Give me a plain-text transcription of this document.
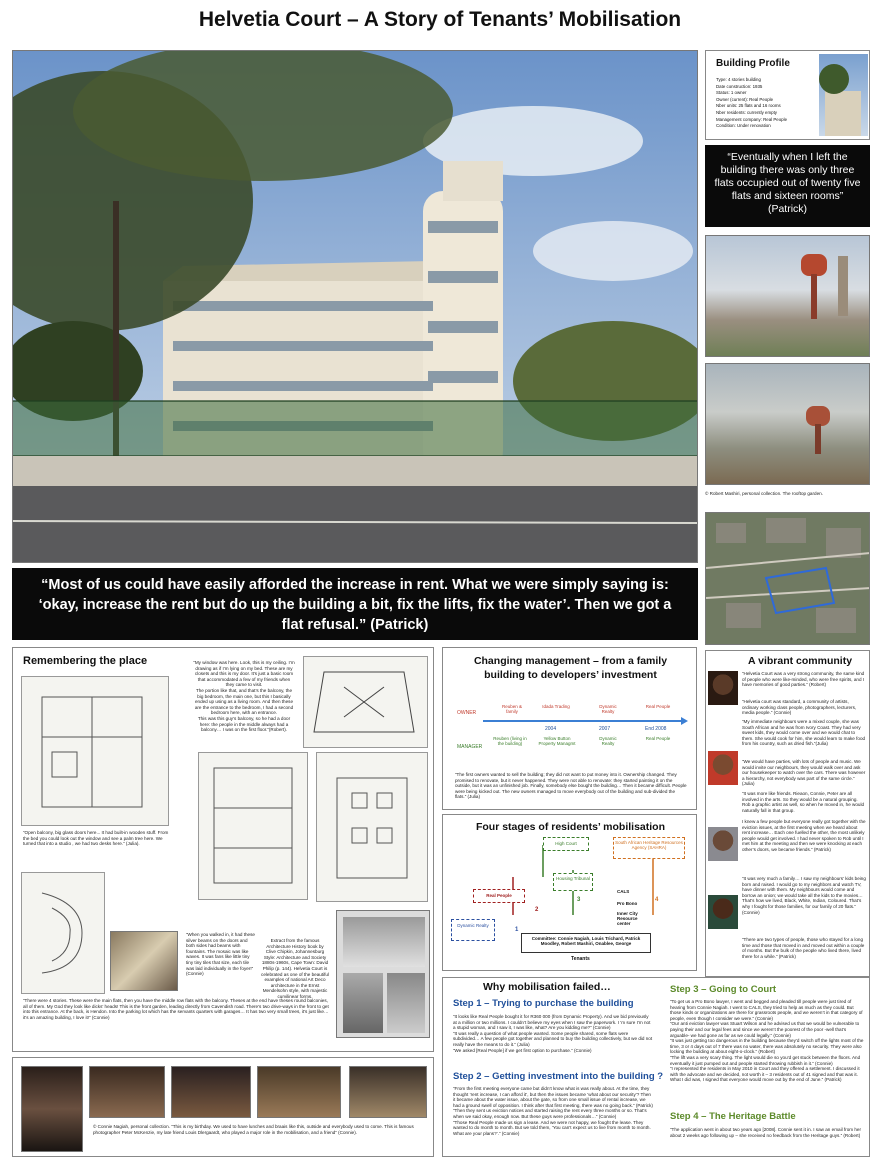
Helvetia Court – A Story of Tenants’ Mobilisation
“Most of us could have easily afforded the increase in rent. What we were simply saying is: ‘okay, increase the rent but do up the building a bit, fix the lifts, fix the water’. Then we got a flat refusal.” (Patrick)
Building Profile
Type: 4 stories building
Date construction: 1935
Status: 1 owner
Owner (current): Real People
Nber units: 25 flats and 16 rooms
Nber residents: currently empty
Management company: Real People
Condition: Under renovation
“Eventually when I left the building there was only three flats occupied out of twenty five flats and sixteen rooms” (Patrick)
© Robert Mashiri, personal collection. The rooftop garden.
Remembering the place	“My window was here. Look, this is my ceiling. I’m drawing as if I’m lying on my bed. These are my closets and this is my door. It’s just a basic room that accommodated a few of my friends when they came to visit.
The portion like that, and that’s the balcony, the big bedroom, the main one, but this I basically ended up using as a living room. And then these are the entrance to the bedroom, I had a second bedroom here, with an entrance.
This was this guy’s balcony, so he had a door here: the people in the middle always had a balcony… I was on the first floor.”(Robert).
“Open balcony, big glass doors here... It had built-in wooden stuff. From the bed you could look out the window and see a palm tree here. We turned that into a studio , we had two desks here.” (Julia).
“When you walked in, it had these silver beams on the doors and both sides had beams with fountains. The mosaic was like waves. It was fans like little tiny tiny tiny tiles that size, each tile was laid individually in the foyer!” (Connie)
Extract from the famous Architecture History book by Clive Chipkin, Johannesburg Style: Architecture and Society 1880s-1960s, Cape Town: David Philip (p. 144). Helvetia Court is celebrated as one of the beautiful examples of national Art Deco architecture in the Ernst Mendelsohn style, with majestic curvilinear forms.
“There were 4 stories. These were the main flats, then you have the middle row flats with the balcony. Theses at the end have theses round balconies, all of them. My God they look like dicks’ heads! This is the front garden, leading directly from Cavendish road. There’s two drive-ways in the front to get into this entrance. At the back, is Hendon. Into the parking lot which has the servants quarters with garages… It has two very small trees, it’s just like…it’s an amazing building, I love it!” (Connie)
© Connie Nagiah, personal collection. “This is my birthday. We used to have lunches and braais like this, outside and everybody used to come. This is famous photographer Peter McKenzie, my late friend Louis Dlergaardt, who played a major role in the mobilisation, and a friend” (Connie).
Changing management – from a family building to developers’ investment
OWNER
MANAGER
Reuben & family
Idada Trading	Dynamic Realty
Real People
2004	2007	End 2008
Reuben (living in the building)
Yellow Button Property Managmt
Dynamic Realty
Real People
“The first owners wanted to sell the building; they did not want to put money into it. Ownership changed. They promised to renovate, but it never happened. They were not able to renovate: they started painting it on the outside, but it was an unfinished job. Finally, somebody else bought the building… Then it became difficult. People were being kicked out. The new owners managed to move everybody out of the building and sub-divided the flats.” (Julia)
Four stages of residents’ mobilisation
High Court	South African Heritage Resources Agency (SAHRA)
Housing Tribunal
Real People
Dynamic Realty
CALS
Pro Bono
Inner City Resource center
1
2
3	4
Committee: Connie Nagiah, Louis Trichard, Patrick Moodley, Robert Mashiri, Onablee, George
Tenants
A vibrant community
“Helvetia Court was a very strong community, the same kind of people who were like-minded, who were free spirits, and I have memories of good parties.” (Robert)
“Helvetia court was standard, a community of artists, ordinary working class people, photographers, lecturers, media people.” (Connie)
“My immediate neighbours were a mixed couple, she was South African and he was from Ivory Coast. They had very sweet kids, they would come over and we would chat to them. She would cook for him, she would learn to make food from his country, such as dried fish.”(Julia)
“We would have parties, with lots of people and music. We would invite our neighbours, they would walk over and ask our housekeeper to watch over the cars. There was however a hierarchy, not everybody was part of the same circle.” (Julia)
“It was more like friends. Rieaon, Connie, Peter are all involved in the arts. So they would be a natural grouping. Rob a graphic artist as well, so when he moved in, he would naturally fall in that group.
I knew a few people but everyone really got together with the eviction issues, at the first meeting when we heard about rent increase… Each one fuelled the other, the most unlikely people would get involved. I had never spoken to Rob until I met him at the meeting and then we were knocking at each other’s doors, we became friends.” (Patrick)
“It was very much a family… I saw my neighbours’ kids being born and raised. I would go to my neighbors and watch TV, have dinner with them. My neighbours would come and borrow an onion; we would take all the kids to the movies… That’s how we lived, Black, White, Indian, Coloured. That’s why I fought for those families, for our family of 20 flats.” (Connie)
“There are two types of people, those who stayed for a long time and those that moved in and moved out within a couple of months. But the bulk of the people who lived there, lived there for a while.” (Patrick)
Why mobilisation failed…
Step 1 – Trying to purchase the building
“It looks like Real People bought it for R360 000 (from Dynamic Property). And we bid previously at a million or two millions. I couldn’t believe my eyes when I saw the paperwork. I ’m sure I’m not a stupid woman, and I saw it, I was like, what? Are you kidding me?” (Connie)
“It was really a question of what people wanted. Some people shared, some flats were subdivided… A few people got together and planned to buy the building collectively, but we did not really have the means to do it.” (Julia)
“We asked [Real People] if we get first option to purchase.” (Connie)
Step 2 – Getting investment into the building ?
“From the first meeting everyone came but didn’t know what is was really about. At the time, they thought ‘rent increase, I can afford it’, but then the issues became ‘what about our security’? Then it became about the water issue, about the gate, so from one small issue of rental increase, we had a ground swell of opposition. I think after that first meeting, there was no going back.” (Patrick)
“Then they sent us eviction notices and started raising the rent every three months or so. That’s when we said okay, enough now. But these guys were professionals…” (Connie)
“Those Real People made us sign a lease. And we were not happy, we fought the lease. They wanted to do month to month. But we told them, ‘You can’t expect us to live from month to month. What are your plans?’.” (Connie)
Step 3 – Going to Court
“To get us a Pro Bono lawyer, I went and begged and pleaded till people were just tired of hearing from Connie Nagiah. I went to CALS, they tried to help as much as they could. But those kinds or organizations are there for grassroots people, and we weren’t in that category of people, even though I consider we were.” (Connie)
“Our anti eviction lawyer was Stuart Wilson and he advised us that we would be vulnerable to paying their and our legal fees and since we weren’t the poorest of the poor -well that’s arguable- we had gone as far as we could legally.” (Connie)
“It was just getting too dangerous in the building because they’d switch off the lights most of the time, 3 or 4 days out of 7 there was no water, there was absolutely no security. They were also locking the building at about eight-o-clock.” (Robert)
“The lift was a very scary thing. The light would die so you’d get stuck between the floors. And eventually it just pumped out and people started throwing rubbish in it.” (Connie)
“I represented the residents in May 2010 in Court and they offered a settlement. I discussed it with the advocate and we decided, not worth it – 3 residents out of 41 signed and that was it. What I did was, I signed that everyone would move out by the end of June.” (Patrick)
Step 4 – The Heritage Battle
“The application went in about two years ago [2008]. Connie sent it in. I saw an email from her about 2 weeks ago following up – she received no feedback from the Heritage guys.” (Robert)
